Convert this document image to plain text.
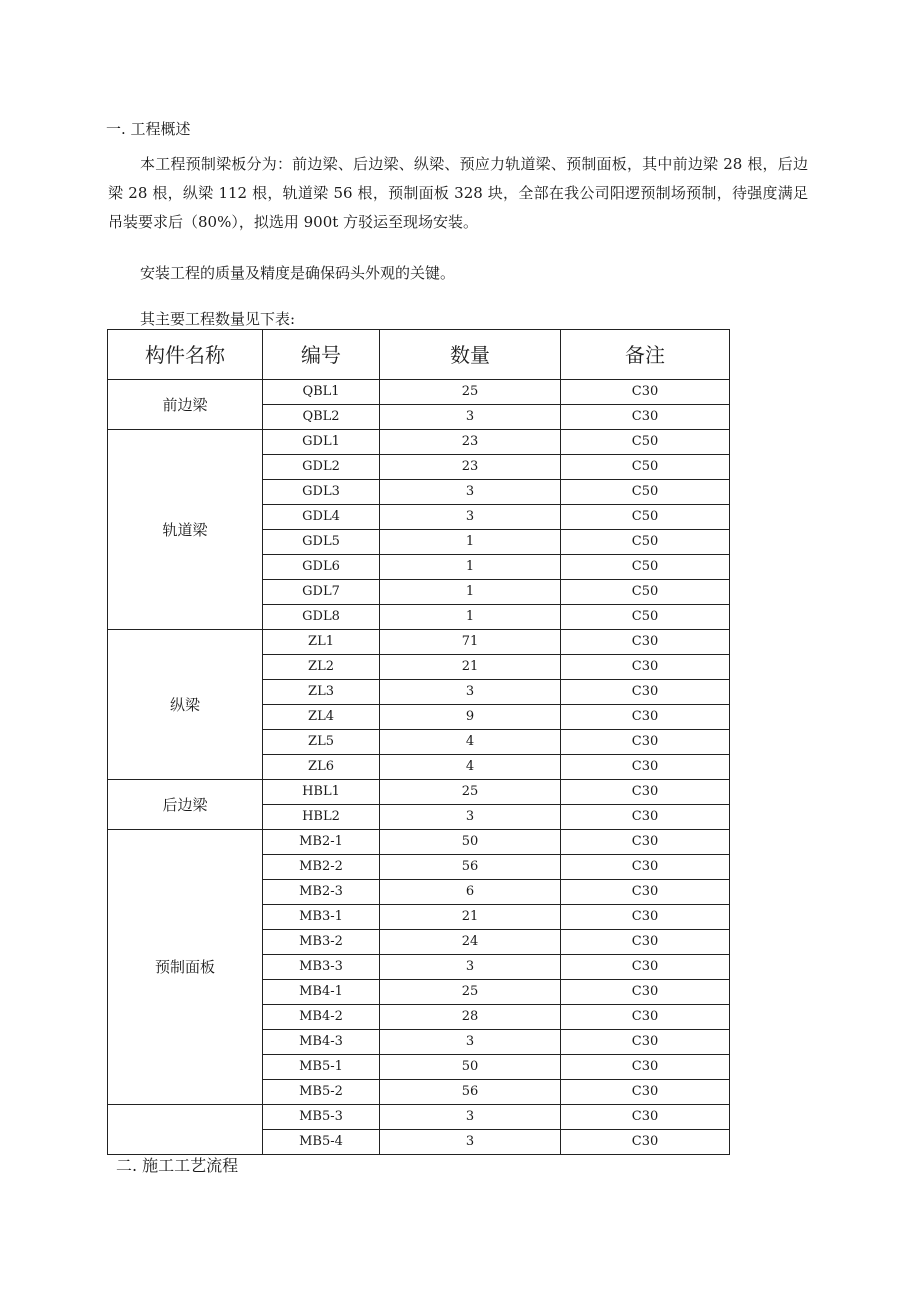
一. 工程概述

本工程预制梁板分为：前边梁、后边梁、纵梁、预应力轨道梁、预制面板，其中前边梁 28 根，后边梁 28 根，纵梁 112 根，轨道梁 56 根，预制面板 328 块，全部在我公司阳逻预制场预制，待强度满足吊装要求后（80%），拟选用 900t 方驳运至现场安装。

安装工程的质量及精度是确保码头外观的关键。

其主要工程数量见下表:

构件名称	编号	数量	备注
前边梁	QBL1	25	C30
	QBL2	3	C30
轨道梁	GDL1	23	C50
	GDL2	23	C50
	GDL3	3	C50
	GDL4	3	C50
	GDL5	1	C50
	GDL6	1	C50
	GDL7	1	C50
	GDL8	1	C50
纵梁	ZL1	71	C30
	ZL2	21	C30
	ZL3	3	C30
	ZL4	9	C30
	ZL5	4	C30
	ZL6	4	C30
后边梁	HBL1	25	C30
	HBL2	3	C30
预制面板	MB2-1	50	C30
	MB2-2	56	C30
	MB2-3	6	C30
	MB3-1	21	C30
	MB3-2	24	C30
	MB3-3	3	C30
	MB4-1	25	C30
	MB4-2	28	C30
	MB4-3	3	C30
	MB5-1	50	C30
	MB5-2	56	C30
	MB5-3	3	C30
	MB5-4	3	C30
二. 施工工艺流程
